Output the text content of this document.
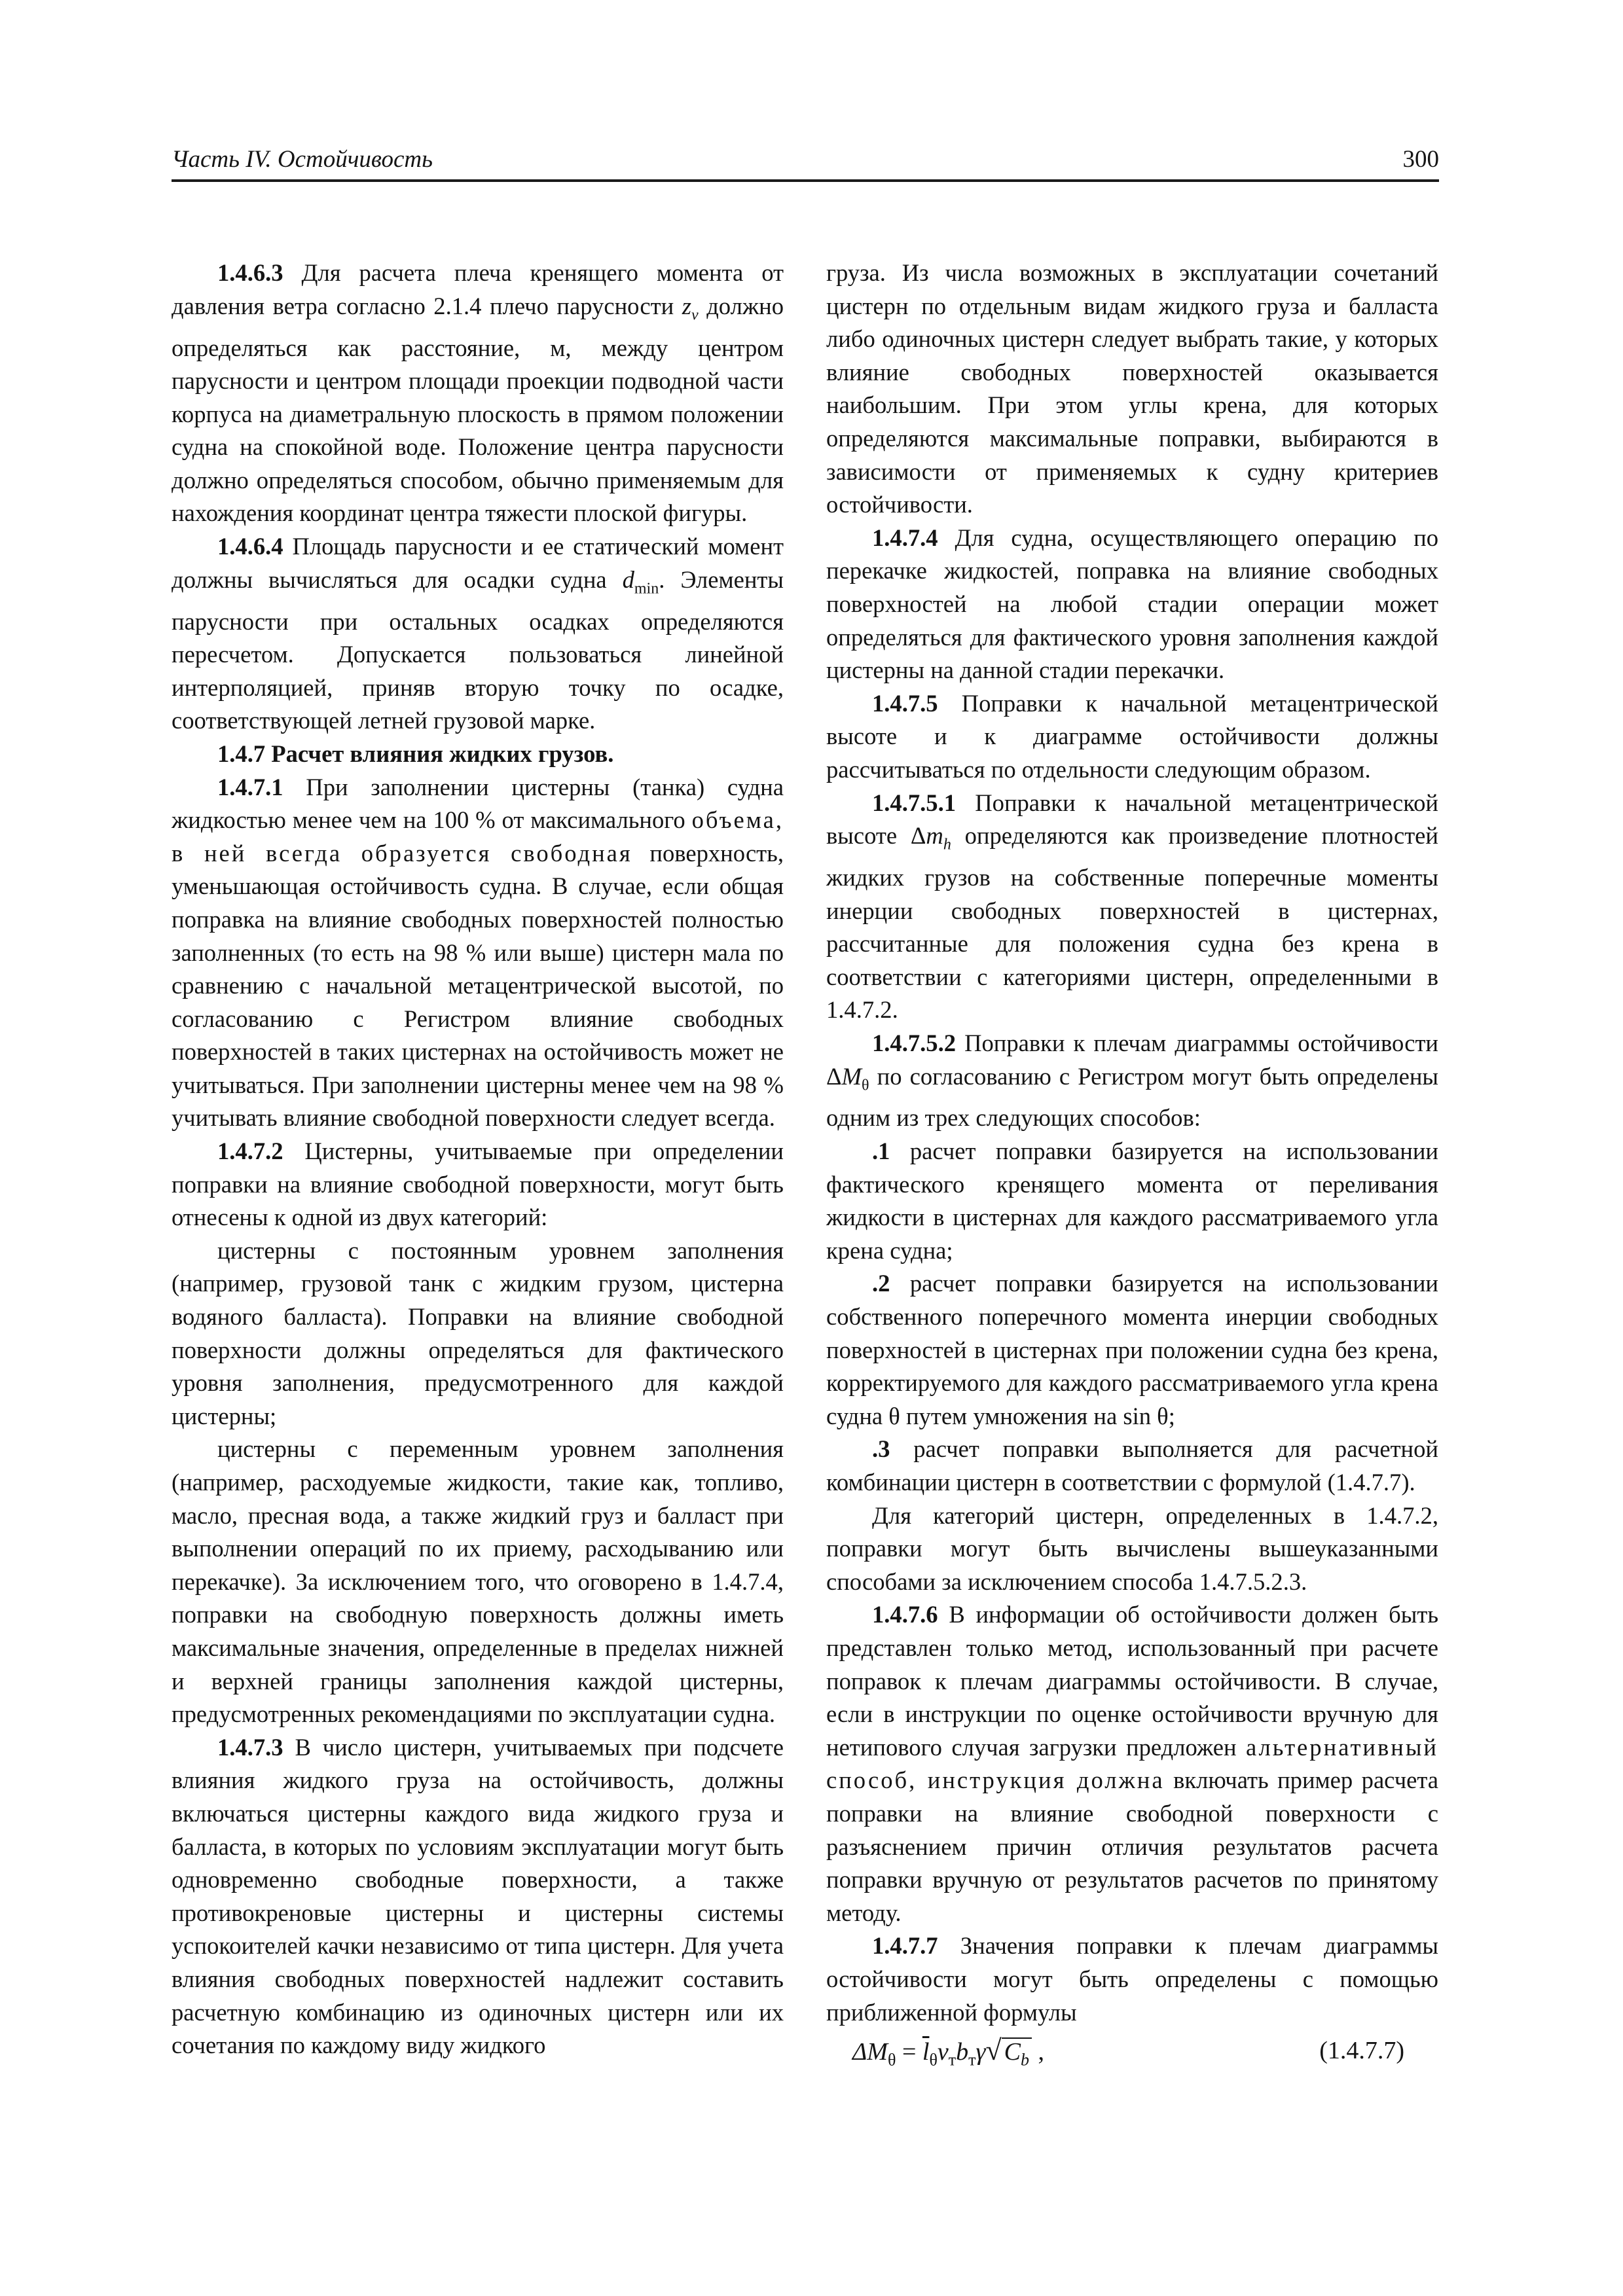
Часть IV. Остойчивость	300

1.4.6.3 Для расчета плеча кренящего момента от давления ветра согласно 2.1.4 плечо парусности $z_v$ должно определяться как расстояние, м, между центром парусности и центром площади проекции подводной части корпуса на диаметральную плоскость в прямом положении судна на спокойной воде. Положение центра парусности должно определяться способом, обычно применяемым для нахождения координат центра тяжести плоской фигуры.

1.4.6.4 Площадь парусности и ее статический момент должны вычисляться для осадки судна $d_{min}$. Элементы парусности при остальных осадках определяются пересчетом. Допускается пользоваться линейной интерполяцией, приняв вторую точку по осадке, соответствующей летней грузовой марке.

1.4.7 Расчет влияния жидких грузов.

1.4.7.1 При заполнении цистерны (танка) судна жидкостью менее чем на 100 % от максимального объема, в ней всегда образуется свободная поверхность, уменьшающая остойчивость судна. В случае, если общая поправка на влияние свободных поверхностей полностью заполненных (то есть на 98 % или выше) цистерн мала по сравнению с начальной метацентрической высотой, по согласованию с Регистром влияние свободных поверхностей в таких цистернах на остойчивость может не учитываться. При заполнении цистерны менее чем на 98 % учитывать влияние свободной поверхности следует всегда.

1.4.7.2 Цистерны, учитываемые при определении поправки на влияние свободной поверхности, могут быть отнесены к одной из двух категорий:

цистерны с постоянным уровнем заполнения (например, грузовой танк с жидким грузом, цистерна водяного балласта). Поправки на влияние свободной поверхности должны определяться для фактического уровня заполнения, предусмотренного для каждой цистерны;

цистерны с переменным уровнем заполнения (например, расходуемые жидкости, такие как, топливо, масло, пресная вода, а также жидкий груз и балласт при выполнении операций по их приему, расходыванию или перекачке). За исключением того, что оговорено в 1.4.7.4, поправки на свободную поверхность должны иметь максимальные значения, определенные в пределах нижней и верхней границы заполнения каждой цистерны, предусмотренных рекомендациями по эксплуатации судна.

1.4.7.3 В число цистерн, учитываемых при подсчете влияния жидкого груза на остойчивость, должны включаться цистерны каждого вида жидкого груза и балласта, в которых по условиям эксплуатации могут быть одновременно свободные поверхности, а также противокреновые цистерны и цистерны системы успокоителей качки независимо от типа цистерн. Для учета влияния свободных поверхностей надлежит составить расчетную комбинацию из одиночных цистерн или их сочетания по каждому виду жидкого

груза. Из числа возможных в эксплуатации сочетаний цистерн по отдельным видам жидкого груза и балласта либо одиночных цистерн следует выбрать такие, у которых влияние свободных поверхностей оказывается наибольшим. При этом углы крена, для которых определяются максимальные поправки, выбираются в зависимости от применяемых к судну критериев остойчивости.

1.4.7.4 Для судна, осуществляющего операцию по перекачке жидкостей, поправка на влияние свободных поверхностей на любой стадии операции может определяться для фактического уровня заполнения каждой цистерны на данной стадии перекачки.

1.4.7.5 Поправки к начальной метацентрической высоте и к диаграмме остойчивости должны рассчитываться по отдельности следующим образом.

1.4.7.5.1 Поправки к начальной метацентрической высоте $\Delta m_h$ определяются как произведение плотностей жидких грузов на собственные поперечные моменты инерции свободных поверхностей в цистернах, рассчитанные для положения судна без крена в соответствии с категориями цистерн, определенными в 1.4.7.2.

1.4.7.5.2 Поправки к плечам диаграммы остойчивости $\Delta M_\theta$ по согласованию с Регистром могут быть определены одним из трех следующих способов:

.1 расчет поправки базируется на использовании фактического кренящего момента от переливания жидкости в цистернах для каждого рассматриваемого угла крена судна;

.2 расчет поправки базируется на использовании собственного поперечного момента инерции свободных поверхностей в цистернах при положении судна без крена, корректируемого для каждого рассматриваемого угла крена судна θ путем умножения на sin θ;

.3 расчет поправки выполняется для расчетной комбинации цистерн в соответствии с формулой (1.4.7.7).

Для категорий цистерн, определенных в 1.4.7.2, поправки могут быть вычислены вышеуказанными способами за исключением способа 1.4.7.5.2.3.

1.4.7.6 В информации об остойчивости должен быть представлен только метод, использованный при расчете поправок к плечам диаграммы остойчивости. В случае, если в инструкции по оценке остойчивости вручную для нетипового случая загрузки предложен альтернативный способ, инструкция должна включать пример расчета поправки на влияние свободной поверхности с разъяснением причин отличия результатов расчета поправки вручную от результатов расчетов по принятому методу.

1.4.7.7 Значения поправки к плечам диаграммы остойчивости могут быть определены с помощью приближенной формулы

$\Delta M_\theta = \overline{l}_\theta v_тb_т\gamma√$ $C_b$ ,	(1.4.7.7)
